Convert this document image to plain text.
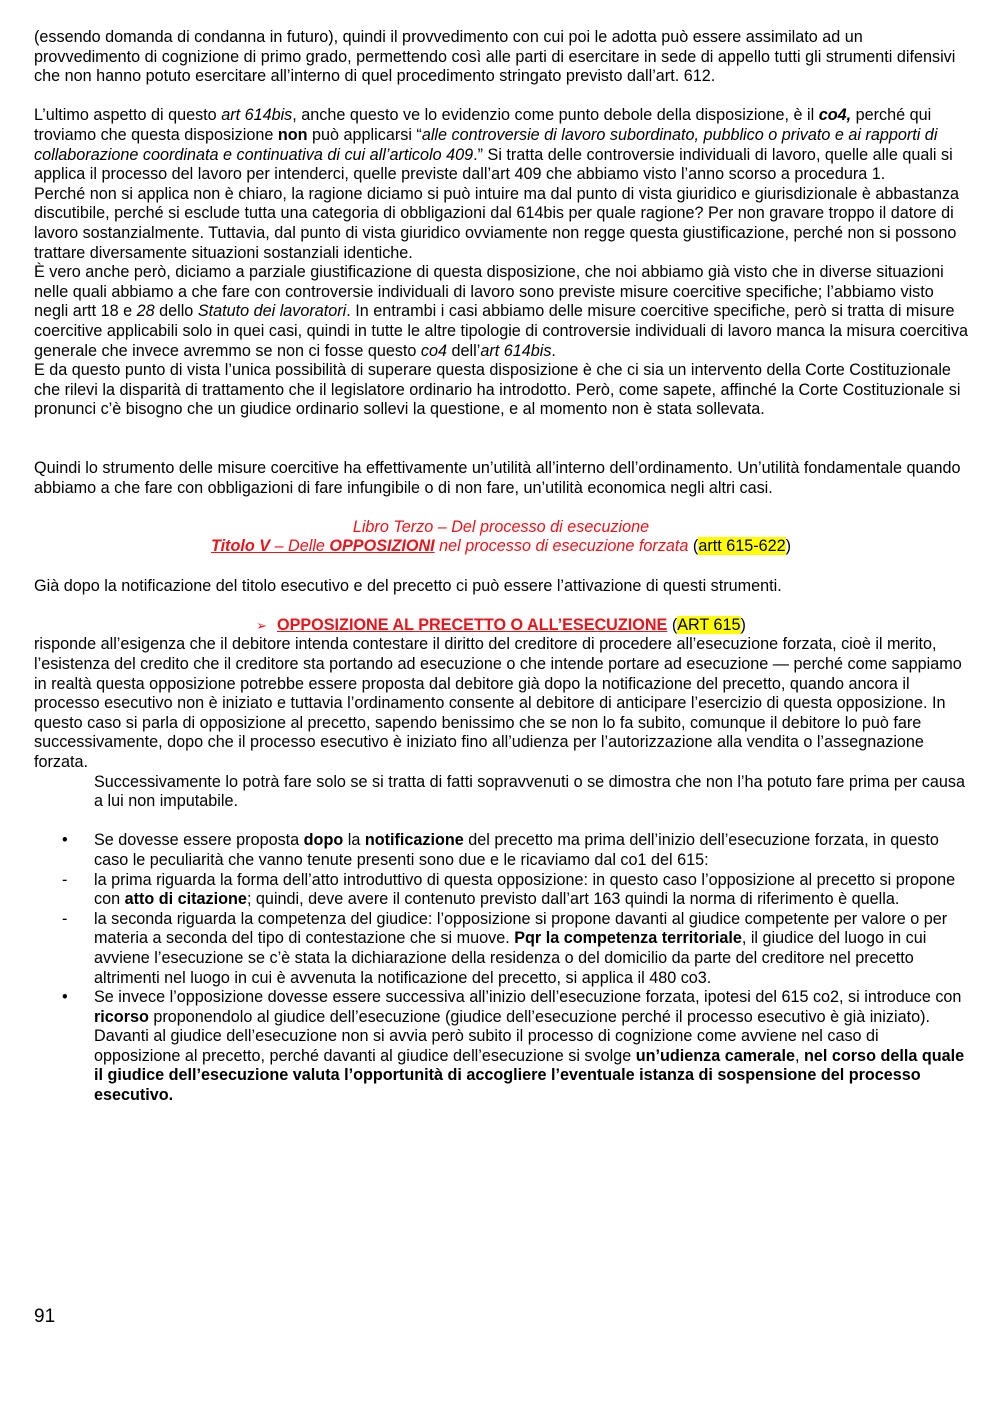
(essendo domanda di condanna in futuro), quindi il provvedimento con cui poi le adotta può essere assimilato ad un provvedimento di cognizione di primo grado, permettendo così alle parti di esercitare in sede di appello tutti gli strumenti difensivi che non hanno potuto esercitare all’interno di quel procedimento stringato previsto dall’art. 612.

L’ultimo aspetto di questo art 614bis, anche questo ve lo evidenzio come punto debole della disposizione, è il co4, perché qui troviamo che questa disposizione non può applicarsi “alle controversie di lavoro subordinato, pubblico o privato e ai rapporti di collaborazione coordinata e continuativa di cui all’articolo 409.” Si tratta delle controversie individuali di lavoro, quelle alle quali si applica il processo del lavoro per intenderci, quelle previste dall’art 409 che abbiamo visto l’anno scorso a procedura 1.

Perché non si applica non è chiaro, la ragione diciamo si può intuire ma dal punto di vista giuridico e giurisdizionale è abbastanza discutibile, perché si esclude tutta una categoria di obbligazioni dal 614bis per quale ragione? Per non gravare troppo il datore di lavoro sostanzialmente. Tuttavia, dal punto di vista giuridico ovviamente non regge questa giustificazione, perché non si possono trattare diversamente situazioni sostanziali identiche.

È vero anche però, diciamo a parziale giustificazione di questa disposizione, che noi abbiamo già visto che in diverse situazioni nelle quali abbiamo a che fare con controversie individuali di lavoro sono previste misure coercitive specifiche; l’abbiamo visto negli artt 18 e 28 dello Statuto dei lavoratori. In entrambi i casi abbiamo delle misure coercitive specifiche, però si tratta di misure coercitive applicabili solo in quei casi, quindi in tutte le altre tipologie di controversie individuali di lavoro manca la misura coercitiva generale che invece avremmo se non ci fosse questo co4 dell’art 614bis.

E da questo punto di vista l’unica possibilità di superare questa disposizione è che ci sia un intervento della Corte Costituzionale che rilevi la disparità di trattamento che il legislatore ordinario ha introdotto. Però, come sapete, affinché la Corte Costituzionale si pronunci c’è bisogno che un giudice ordinario sollevi la questione, e al momento non è stata sollevata.

Quindi lo strumento delle misure coercitive ha effettivamente un’utilità all’interno dell’ordinamento. Un’utilità fondamentale quando abbiamo a che fare con obbligazioni di fare infungibile o di non fare, un’utilità economica negli altri casi.

Libro Terzo – Del processo di esecuzione

Titolo V – Delle OPPOSIZIONI nel processo di esecuzione forzata (artt 615-622)

Già dopo la notificazione del titolo esecutivo e del precetto ci può essere l’attivazione di questi strumenti.

➢ OPPOSIZIONE AL PRECETTO O ALL’ESECUZIONE (ART 615)

risponde all’esigenza che il debitore intenda contestare il diritto del creditore di procedere all’esecuzione forzata, cioè il merito, l’esistenza del credito che il creditore sta portando ad esecuzione o che intende portare ad esecuzione — perché come sappiamo in realtà questa opposizione potrebbe essere proposta dal debitore già dopo la notificazione del precetto, quando ancora il processo esecutivo non è iniziato e tuttavia l’ordinamento consente al debitore di anticipare l’esercizio di questa opposizione. In questo caso si parla di opposizione al precetto, sapendo benissimo che se non lo fa subito, comunque il debitore lo può fare successivamente, dopo che il processo esecutivo è iniziato fino all’udienza per l’autorizzazione alla vendita o l’assegnazione forzata.

Successivamente lo potrà fare solo se si tratta di fatti sopravvenuti o se dimostra che non l’ha potuto fare prima per causa a lui non imputabile.

• Se dovesse essere proposta dopo la notificazione del precetto ma prima dell’inizio dell’esecuzione forzata, in questo caso le peculiarità che vanno tenute presenti sono due e le ricaviamo dal co1 del 615:
- la prima riguarda la forma dell’atto introduttivo di questa opposizione: in questo caso l’opposizione al precetto si propone con atto di citazione; quindi, deve avere il contenuto previsto dall’art 163 quindi la norma di riferimento è quella.
- la seconda riguarda la competenza del giudice: l’opposizione si propone davanti al giudice competente per valore o per materia a seconda del tipo di contestazione che si muove. Pqr la competenza territoriale, il giudice del luogo in cui avviene l’esecuzione se c’è stata la dichiarazione della residenza o del domicilio da parte del creditore nel precetto altrimenti nel luogo in cui è avvenuta la notificazione del precetto, si applica il 480 co3.
• Se invece l’opposizione dovesse essere successiva all’inizio dell’esecuzione forzata, ipotesi del 615 co2, si introduce con ricorso proponendolo al giudice dell’esecuzione (giudice dell’esecuzione perché il processo esecutivo è già iniziato).

Davanti al giudice dell’esecuzione non si avvia però subito il processo di cognizione come avviene nel caso di opposizione al precetto, perché davanti al giudice dell’esecuzione si svolge un’udienza camerale, nel corso della quale il giudice dell’esecuzione valuta l’opportunità di accogliere l’eventuale istanza di sospensione del processo esecutivo.

91
